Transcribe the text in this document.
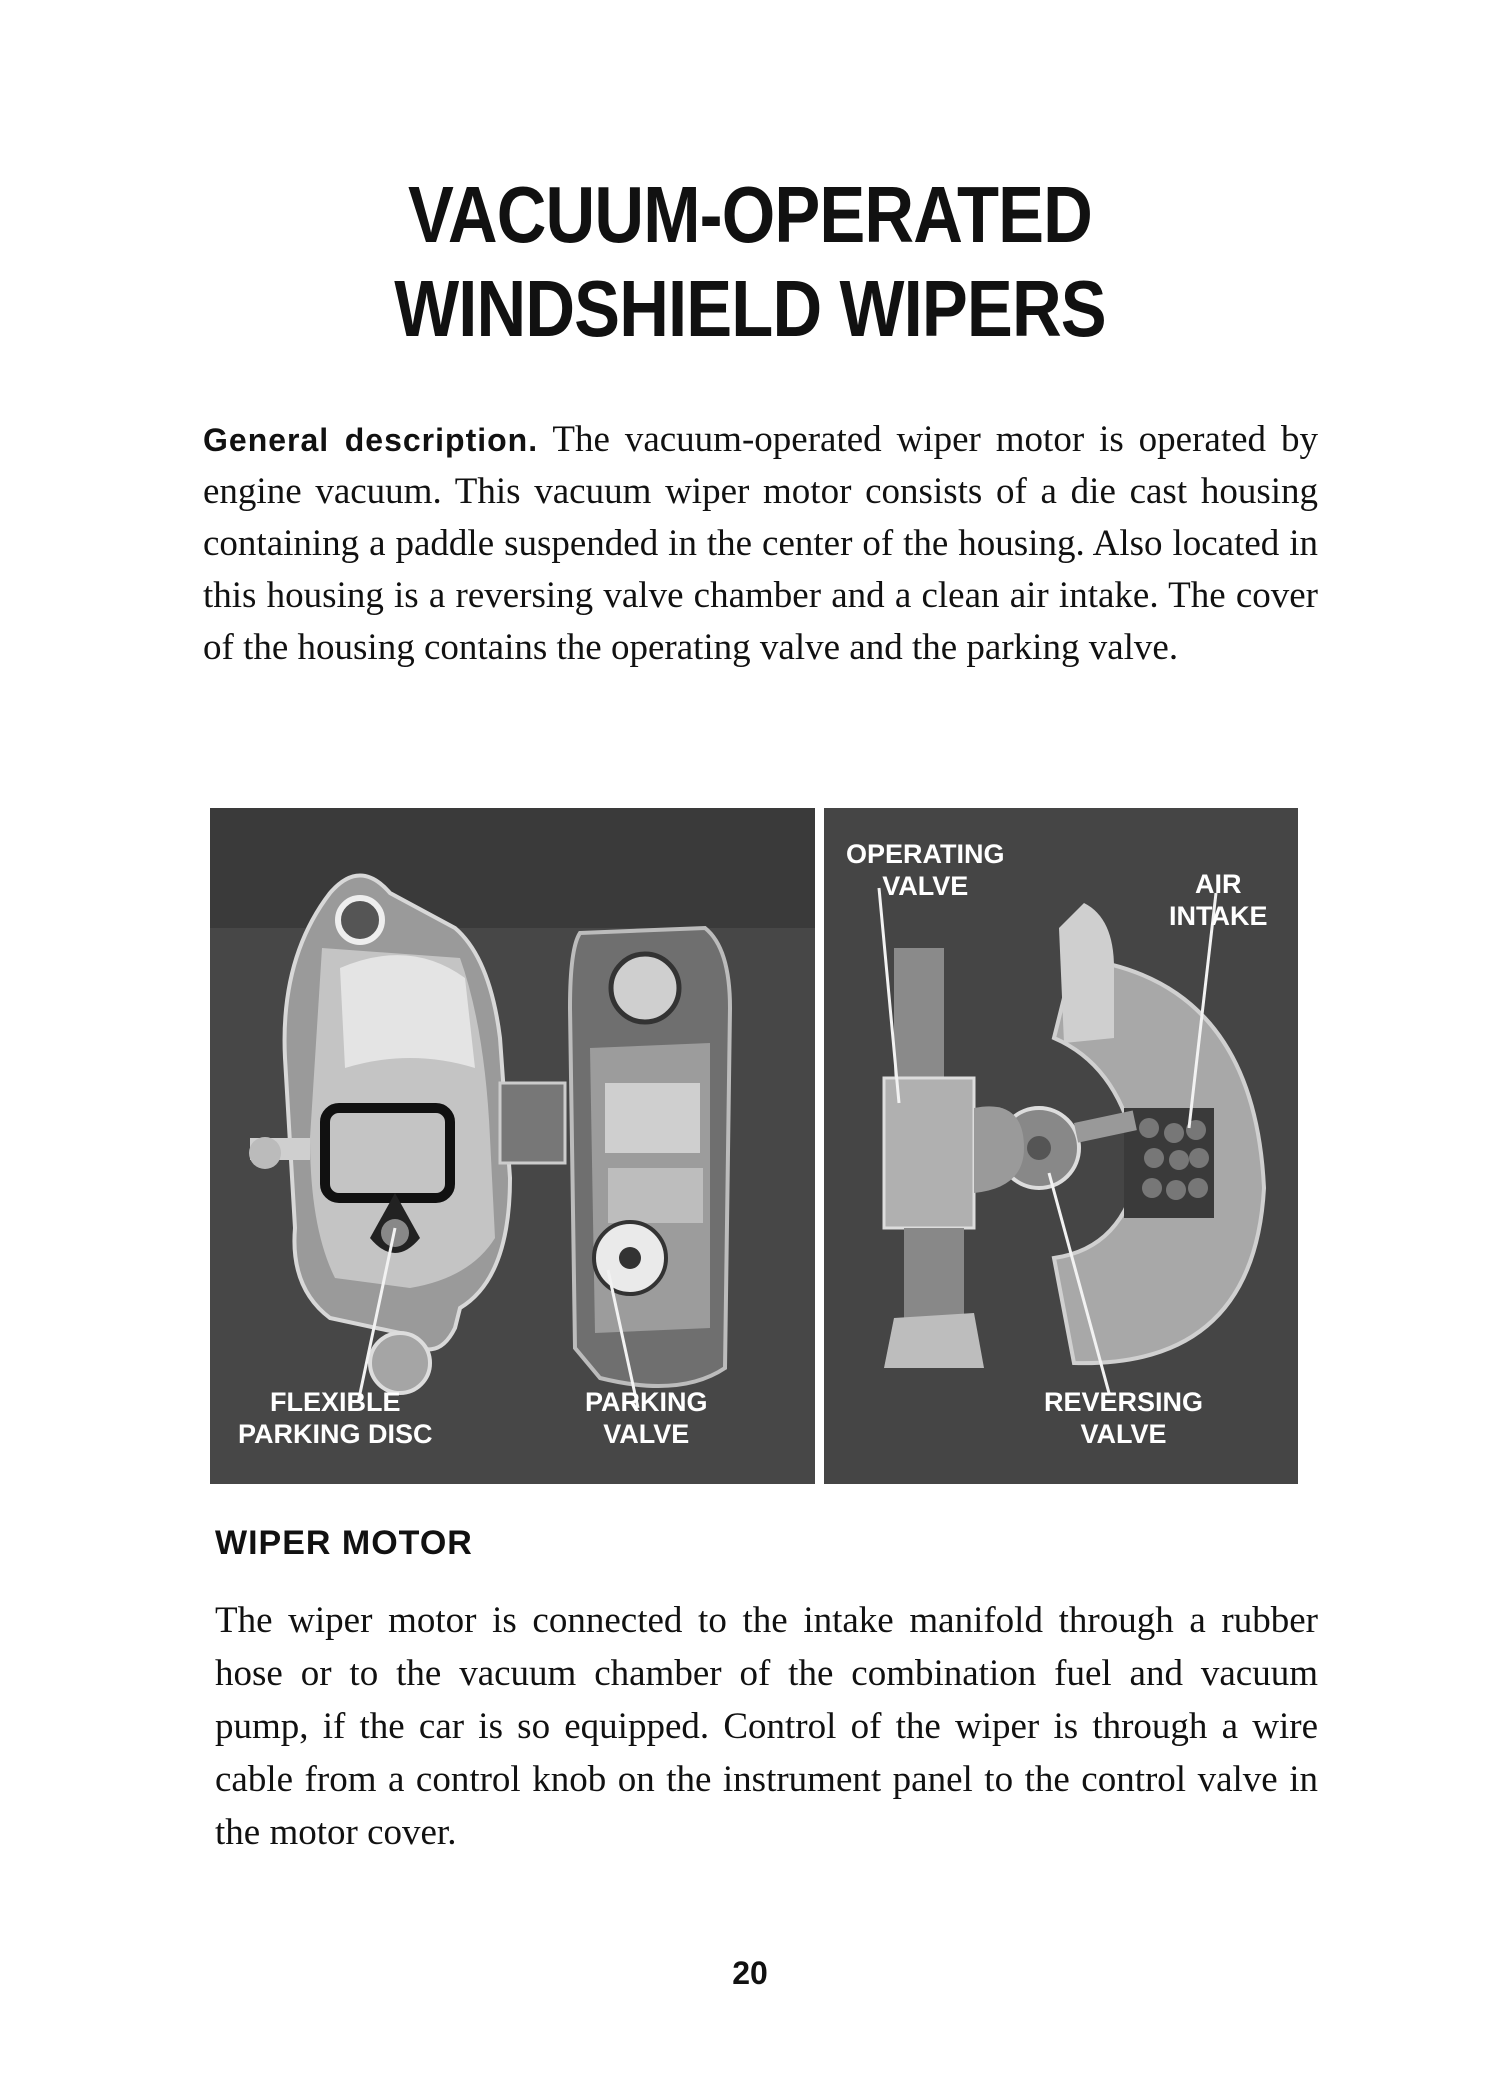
VACUUM-OPERATED
WINDSHIELD WIPERS

General description. The vacuum-operated wiper motor is operated by engine vacuum. This vacuum wiper motor consists of a die cast housing containing a paddle suspended in the center of the housing. Also located in this housing is a reversing valve chamber and a clean air intake. The cover of the housing contains the operating valve and the parking valve.

FLEXIBLE
PARKING DISC
PARKING
VALVE
OPERATING
VALVE	AIR
INTAKE
REVERSING
VALVE
WIPER MOTOR

The wiper motor is connected to the intake manifold through a rubber hose or to the vacuum chamber of the combination fuel and vacuum pump, if the car is so equipped. Control of the wiper is through a wire cable from a control knob on the instrument panel to the control valve in the motor cover.

20
